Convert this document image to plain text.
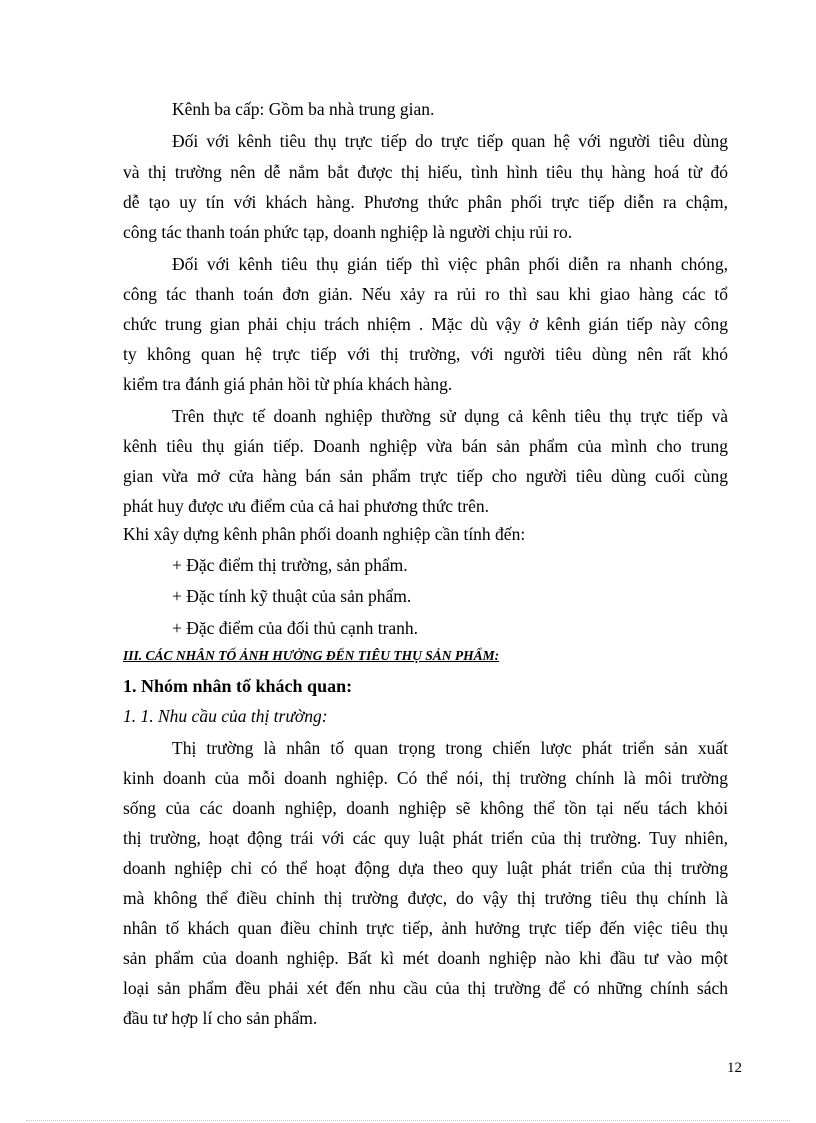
Kênh ba cấp: Gồm ba nhà trung gian.
Đối với kênh tiêu thụ trực tiếp do trực tiếp quan hệ với người tiêu dùng
và thị trường nên dễ nắm bắt được thị hiếu, tình hình tiêu thụ hàng hoá từ đó
dễ tạo uy tín với khách hàng. Phương thức phân phối trực tiếp diễn ra chậm,
công tác thanh toán phức tạp, doanh nghiệp là người chịu rủi ro.
Đối với kênh tiêu thụ gián tiếp thì việc phân phối diễn ra nhanh chóng,
công tác thanh toán đơn giản. Nếu xảy ra rủi ro thì sau khi giao hàng các tổ
chức trung gian phải chịu trách nhiệm . Mặc dù vậy ở kênh gián tiếp này công
ty không quan hệ trực tiếp với thị trường, với người tiêu dùng nên rất khó
kiểm tra đánh giá phản hồi từ phía khách hàng.
Trên thực tế doanh nghiệp thường sử dụng cả kênh tiêu thụ trực tiếp và
kênh tiêu thụ gián tiếp. Doanh nghiệp vừa bán sản phẩm của mình cho trung
gian vừa mở cửa hàng bán sản phẩm trực tiếp cho người tiêu dùng cuối cùng
phát huy được ưu điểm của cả hai phương thức trên.
Khi xây dựng kênh phân phối doanh nghiệp cần tính đến:
+ Đặc điểm thị trường, sản phẩm.
+ Đặc tính kỹ thuật của sản phẩm.
+ Đặc điểm của đối thủ cạnh tranh.
III. CÁC NHÂN TỐ ẢNH HƯỞNG ĐẾN TIÊU THỤ SẢN PHẨM:
1. Nhóm nhân tố khách quan:
1. 1. Nhu cầu của thị trường:
Thị trường là nhân tố quan trọng trong chiến lược phát triển sản xuất
kinh doanh của mỗi doanh nghiệp. Có thể nói, thị trường chính là môi trường
sống của các doanh nghiệp, doanh nghiệp sẽ không thể tồn tại nếu tách khỏi
thị trường, hoạt động trái với các quy luật phát triển của thị trường. Tuy nhiên,
doanh nghiệp chỉ có thể hoạt động dựa theo quy luật phát triển của thị trường
mà không thể điều chỉnh thị trường được, do vậy thị trưởng tiêu thụ chính là
nhân tố khách quan điều chỉnh trực tiếp, ảnh hưởng trực tiếp đến việc tiêu thụ
sản phẩm của doanh nghiệp. Bất kì mét doanh nghiệp nào khi đầu tư vào một
loại sản phẩm đều phải xét đến nhu cầu của thị trường để có những chính sách
đầu tư hợp lí cho sản phẩm.
12
